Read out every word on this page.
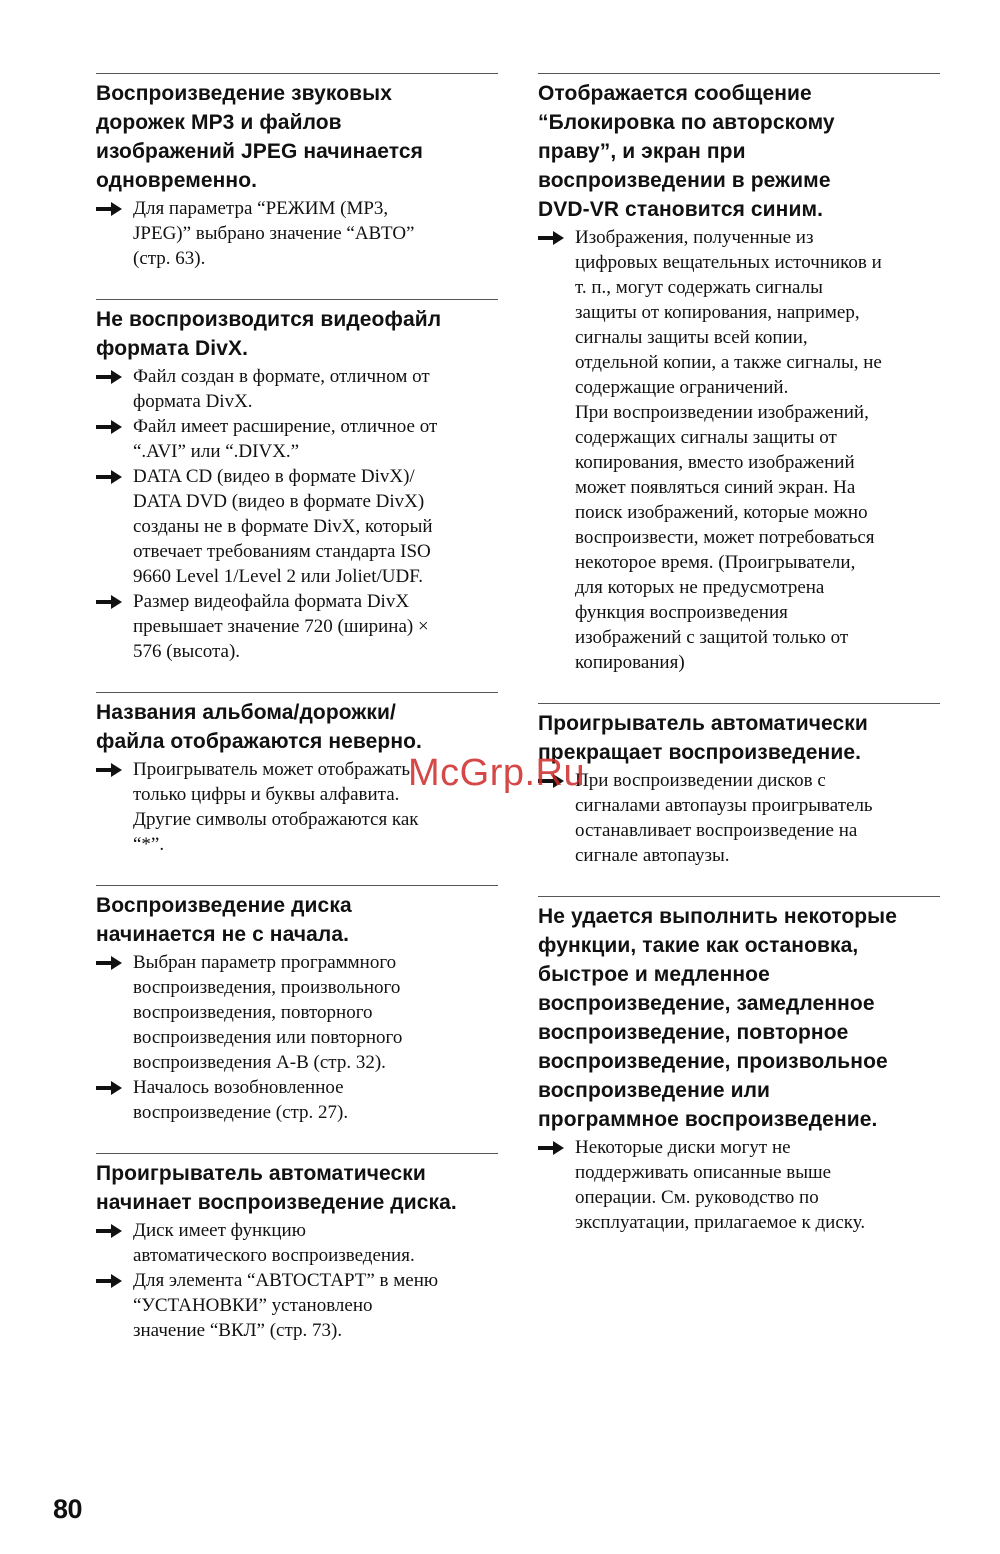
Воспроизведение звуковых
дорожек MP3 и файлов
изображений JPEG начинается
одновременно.

Для параметра “РЕЖИМ (MP3,
JPEG)” выбрано значение “АВТО”
(стр. 63).

Не воспроизводится видеофайл
формата DivX.

Файл создан в формате, отличном от
формата DivX.

Файл имеет расширение, отличное от
“.AVI” или “.DIVX.”

DATA CD (видео в формате DivX)/
DATA DVD (видео в формате DivX)
созданы не в формате DivX, который
отвечает требованиям стандарта ISO
9660 Level 1/Level 2 или Joliet/UDF.

Размер видеофайла формата DivX
превышает значение 720 (ширина) ×
576 (высота).

Названия альбома/дорожки/
файла отображаются неверно.

Проигрыватель может отображать
только цифры и буквы алфавита.
Другие символы отображаются как
“*”.

Воспроизведение диска
начинается не с начала.

Выбран параметр программного
воспроизведения, произвольного
воспроизведения, повторного
воспроизведения или повторного
воспроизведения A-B (стр. 32).

Началось возобновленное
воспроизведение (стр. 27).

Проигрыватель автоматически
начинает воспроизведение диска.

Диск имеет функцию
автоматического воспроизведения.

Для элемента “АВТОСТАРТ” в меню
“УСТАНОВКИ” установлено
значение “ВКЛ” (стр. 73).

Отображается сообщение
“Блокировка по авторскому
праву”, и экран при
воспроизведении в режиме
DVD-VR становится синим.

Изображения, полученные из
цифровых вещательных источников и
т. п., могут содержать сигналы
защиты от копирования, например,
сигналы защиты всей копии,
отдельной копии, а также сигналы, не
содержащие ограничений.
При воспроизведении изображений,
содержащих сигналы защиты от
копирования, вместо изображений
может появляться синий экран. На
поиск изображений, которые можно
воспроизвести, может потребоваться
некоторое время. (Проигрыватели,
для которых не предусмотрена
функция воспроизведения
изображений с защитой только от
копирования)

Проигрыватель автоматически
прекращает воспроизведение.

При воспроизведении дисков с
сигналами автопаузы проигрыватель
останавливает воспроизведение на
сигнале автопаузы.

Не удается выполнить некоторые
функции, такие как остановка,
быстрое и медленное
воспроизведение, замедленное
воспроизведение, повторное
воспроизведение, произвольное
воспроизведение или
программное воспроизведение.

Некоторые диски могут не
поддерживать описанные выше
операции. См. руководство по
эксплуатации, прилагаемое к диску.

80
McGrp.Ru
